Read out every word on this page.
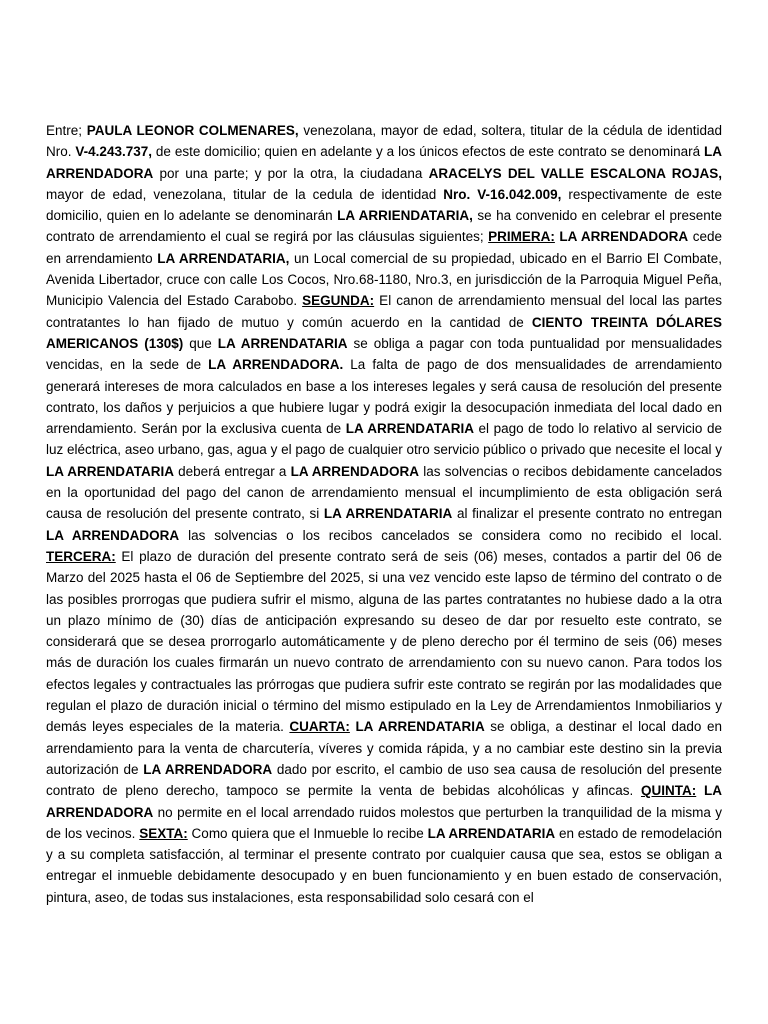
Entre; PAULA LEONOR COLMENARES, venezolana, mayor de edad, soltera, titular de la cédula de identidad Nro. V-4.243.737, de este domicilio; quien en adelante y a los únicos efectos de este contrato se denominará LA ARRENDADORA por una parte; y por la otra, la ciudadana ARACELYS DEL VALLE ESCALONA ROJAS, mayor de edad, venezolana, titular de la cedula de identidad Nro. V-16.042.009, respectivamente de este domicilio, quien en lo adelante se denominarán LA ARRIENDATARIA, se ha convenido en celebrar el presente contrato de arrendamiento el cual se regirá por las cláusulas siguientes; PRIMERA: LA ARRENDADORA cede en arrendamiento LA ARRENDATARIA, un Local comercial de su propiedad, ubicado en el Barrio El Combate, Avenida Libertador, cruce con calle Los Cocos, Nro.68-1180, Nro.3, en jurisdicción de la Parroquia Miguel Peña, Municipio Valencia del Estado Carabobo. SEGUNDA: El canon de arrendamiento mensual del local las partes contratantes lo han fijado de mutuo y común acuerdo en la cantidad de CIENTO TREINTA DÓLARES AMERICANOS (130$) que LA ARRENDATARIA se obliga a pagar con toda puntualidad por mensualidades vencidas, en la sede de LA ARRENDADORA. La falta de pago de dos mensualidades de arrendamiento generará intereses de mora calculados en base a los intereses legales y será causa de resolución del presente contrato, los daños y perjuicios a que hubiere lugar y podrá exigir la desocupación inmediata del local dado en arrendamiento. Serán por la exclusiva cuenta de LA ARRENDATARIA el pago de todo lo relativo al servicio de luz eléctrica, aseo urbano, gas, agua y el pago de cualquier otro servicio público o privado que necesite el local y LA ARRENDATARIA deberá entregar a LA ARRENDADORA las solvencias o recibos debidamente cancelados en la oportunidad del pago del canon de arrendamiento mensual el incumplimiento de esta obligación será causa de resolución del presente contrato, si LA ARRENDATARIA al finalizar el presente contrato no entregan LA ARRENDADORA las solvencias o los recibos cancelados se considera como no recibido el local. TERCERA: El plazo de duración del presente contrato será de seis (06) meses, contados a partir del 06 de Marzo del 2025 hasta el 06 de Septiembre del 2025, si una vez vencido este lapso de término del contrato o de las posibles prorrogas que pudiera sufrir el mismo, alguna de las partes contratantes no hubiese dado a la otra un plazo mínimo de (30) días de anticipación expresando su deseo de dar por resuelto este contrato, se considerará que se desea prorrogarlo automáticamente y de pleno derecho por él termino de seis (06) meses más de duración los cuales firmarán un nuevo contrato de arrendamiento con su nuevo canon. Para todos los efectos legales y contractuales las prórrogas que pudiera sufrir este contrato se regirán por las modalidades que regulan el plazo de duración inicial o término del mismo estipulado en la Ley de Arrendamientos Inmobiliarios y demás leyes especiales de la materia. CUARTA: LA ARRENDATARIA se obliga, a destinar el local dado en arrendamiento para la venta de charcutería, víveres y comida rápida, y a no cambiar este destino sin la previa autorización de LA ARRENDADORA dado por escrito, el cambio de uso sea causa de resolución del presente contrato de pleno derecho, tampoco se permite la venta de bebidas alcohólicas y afincas. QUINTA: LA ARRENDADORA no permite en el local arrendado ruidos molestos que perturben la tranquilidad de la misma y de los vecinos. SEXTA: Como quiera que el Inmueble lo recibe LA ARRENDATARIA en estado de remodelación y a su completa satisfacción, al terminar el presente contrato por cualquier causa que sea, estos se obligan a entregar el inmueble debidamente desocupado y en buen funcionamiento y en buen estado de conservación, pintura, aseo, de todas sus instalaciones, esta responsabilidad solo cesará con el
